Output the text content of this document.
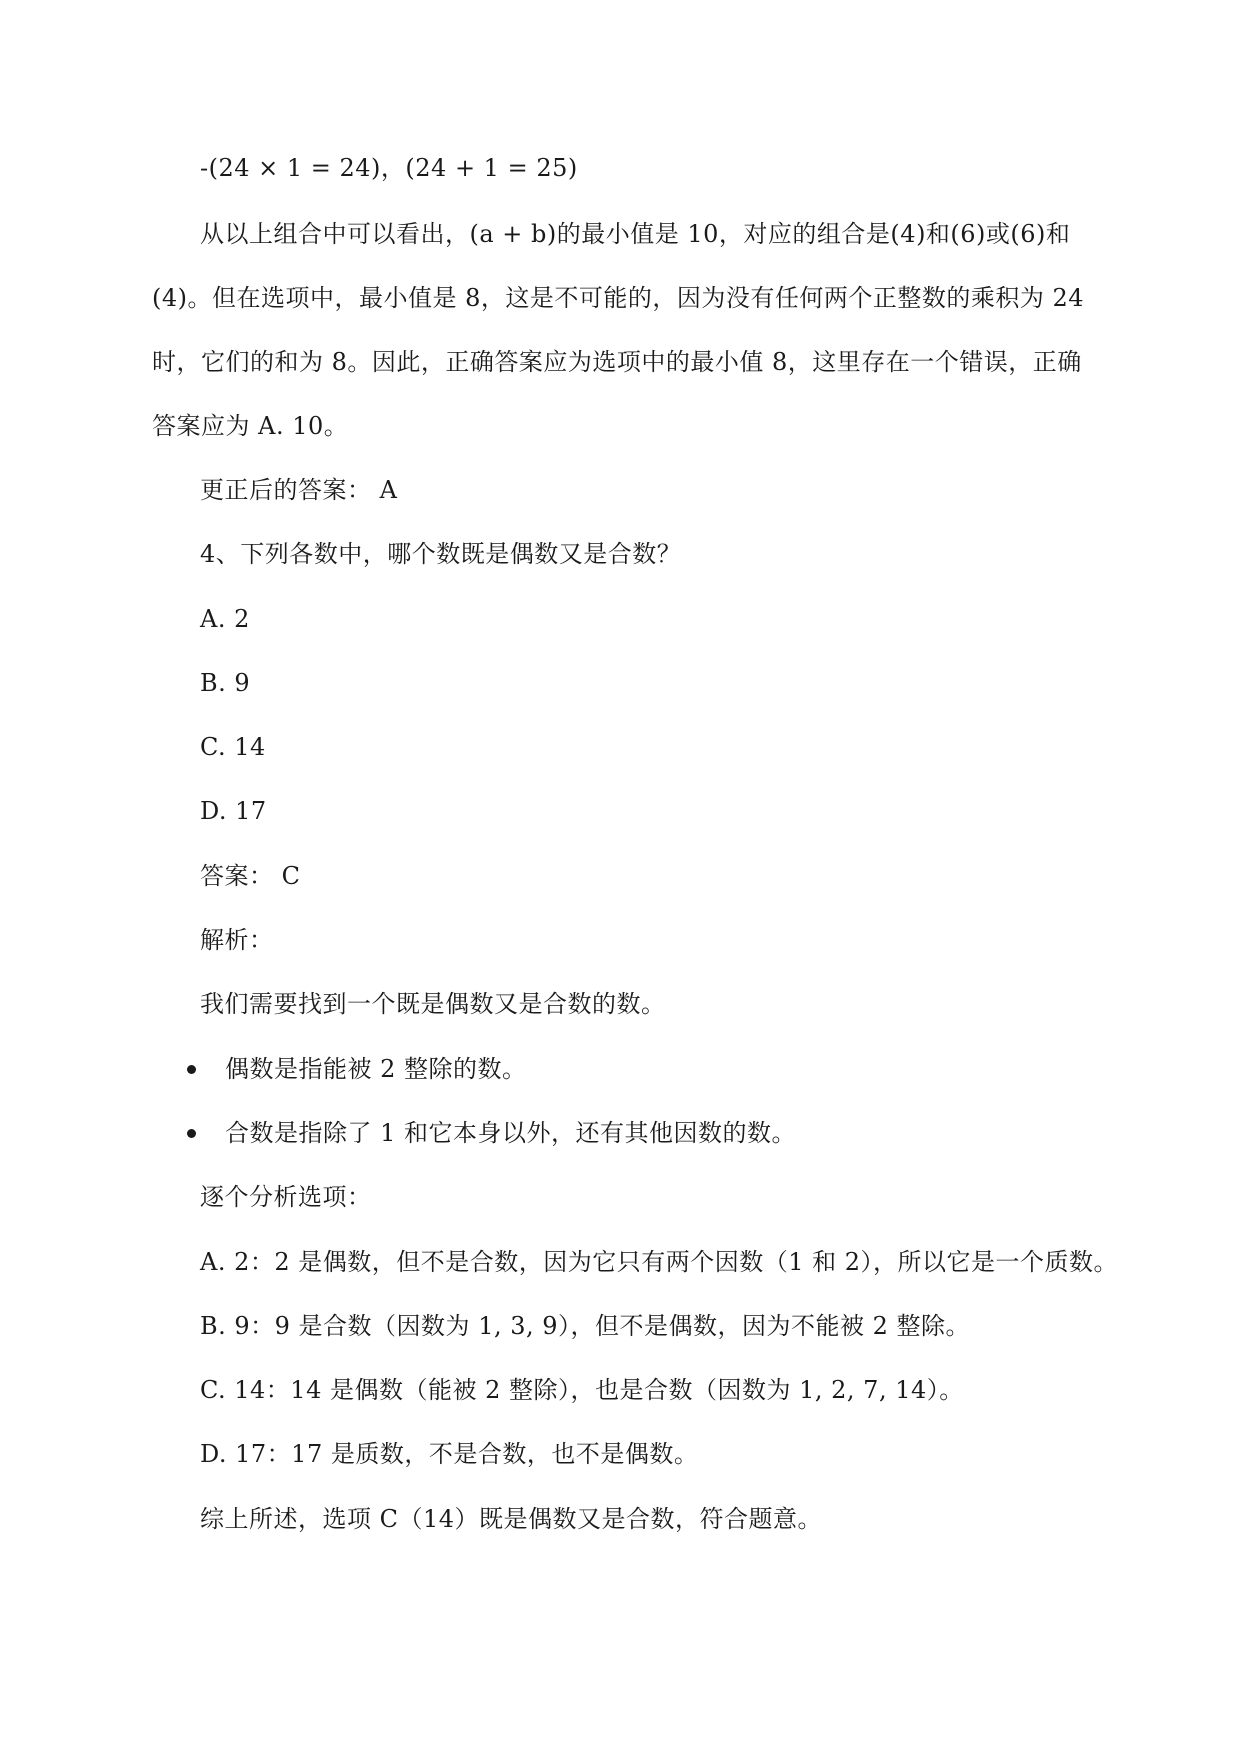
-(24 × 1 = 24)，(24 + 1 = 25)
从以上组合中可以看出，(a + b)的最小值是 10，对应的组合是(4)和(6)或(6)和
(4)。但在选项中，最小值是 8，这是不可能的，因为没有任何两个正整数的乘积为 24
时，它们的和为 8。因此，正确答案应为选项中的最小值 8，这里存在一个错误，正确
答案应为 A. 10。
更正后的答案： A
4、下列各数中，哪个数既是偶数又是合数？
A. 2
B. 9
C. 14
D. 17
答案： C
解析：
我们需要找到一个既是偶数又是合数的数。
偶数是指能被 2 整除的数。
合数是指除了 1 和它本身以外，还有其他因数的数。
逐个分析选项：
A. 2：2 是偶数，但不是合数，因为它只有两个因数（1 和 2），所以它是一个质数。
B. 9：9 是合数（因数为 1, 3, 9），但不是偶数，因为不能被 2 整除。
C. 14：14 是偶数（能被 2 整除），也是合数（因数为 1, 2, 7, 14）。
D. 17：17 是质数，不是合数，也不是偶数。
综上所述，选项 C（14）既是偶数又是合数，符合题意。
